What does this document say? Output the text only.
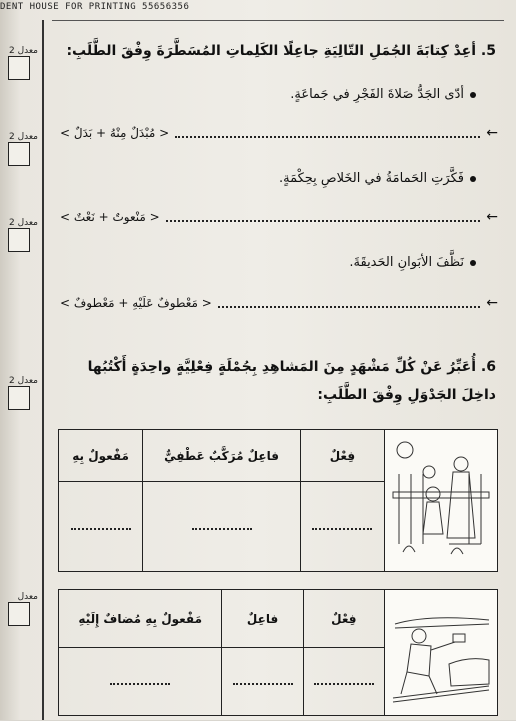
DENT HOUSE FOR PRINTING 55656356
معدل 2
معدل 2
معدل 2
معدل 2
معدل
5. أعِدْ كِتابَةَ الجُمَلِ التّالِيَةِ جاعِلًا الكَلِماتِ المُسَطَّرَةَ وِفْقَ الطَّلَبِ:
أدّى الجَدُّ صَلاةَ الفَجْرِ في جَماعَةٍ.
< مُبْدَلٌ مِنْهُ + بَدَلٌ >	←
فَكَّرَتِ الحَمامَةُ في الخَلاصِ بِحِكْمَةٍ.
< مَنْعوتٌ + نَعْتٌ >	←
نَظَّفَ الأبَوانِ الحَديقَةَ.
< مَعْطوفٌ عَلَيْهِ + مَعْطوفٌ >	←
6. أُعَبِّرُ عَنْ كُلِّ مَشْهَدٍ مِنَ المَشاهِدِ بِجُمْلَةٍ فِعْلِيَّةٍ واحِدَةٍ أَكْتُبُها داخِلَ الجَدْوَلِ وِفْقَ الطَّلَبِ:
	فِعْلٌ	فاعِلٌ مُرَكَّبٌ عَطْفِيٌّ	مَفْعولٌ بِهِ

	فِعْلٌ	فاعِلٌ	مَفْعولٌ بِهِ مُضافٌ إِلَيْهِ
